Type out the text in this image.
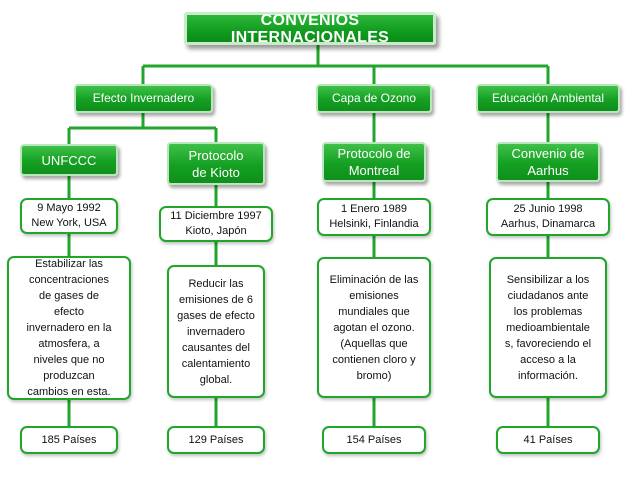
CONVENIOS INTERNACIONALES
Efecto Invernadero	Capa de Ozono	Educación Ambiental
UNFCCC
9 Mayo 1992
New York, USA
Estabilizar las
concentraciones
de gases de
efecto
invernadero en la
atmosfera, a
niveles que no
produzcan
cambios en esta.
185 Países
Protocolo
de Kioto
11 Diciembre 1997
Kioto, Japón
Reducir las
emisiones de 6
gases de efecto
invernadero
causantes del
calentamiento
global.
129 Países
Protocolo de
Montreal
1 Enero 1989
Helsinki, Finlandia
Eliminación de las
emisiones
mundiales que
agotan el ozono.
(Aquellas que
contienen cloro y
bromo)
154 Países
Convenio de
Aarhus
25 Junio 1998
Aarhus, Dinamarca
Sensibilizar a los
ciudadanos ante
los problemas
medioambientale
s, favoreciendo el
acceso a la
información.
41 Países
